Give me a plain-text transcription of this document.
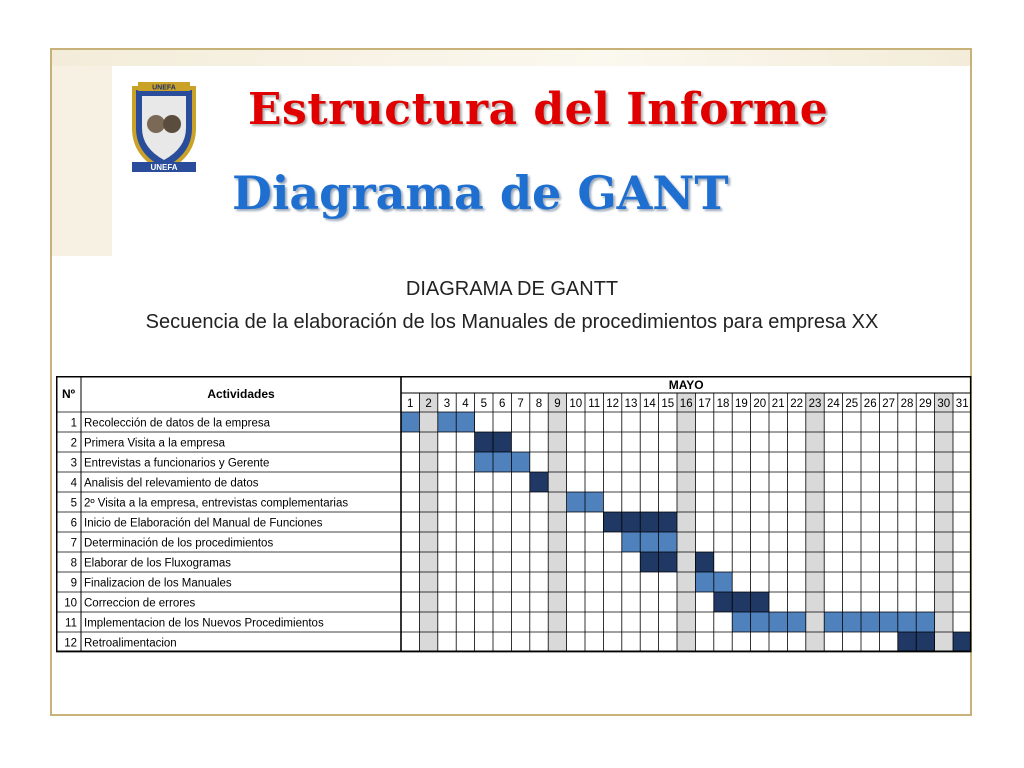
UNEFA
UNEFA
Estructura del Informe
Diagrama de GANT
DIAGRAMA DE GANTT
Secuencia de la elaboración de los Manuales de procedimientos para empresa XX
Nº	Actividades
MAYO
1 2 3 4 5 6 7 8 9 10 11 12 13 14 15 16 17 18 19 20 21 22 23 24 25 26 27 28 29 30 31
1 Recolección de datos de la empresa
2 Primera Visita a la empresa
3 Entrevistas a funcionarios y Gerente
4 Analisis del relevamiento de datos
5 2º Visita a la empresa, entrevistas complementarias
6 Inicio de Elaboración del Manual de Funciones
7 Determinación de los procedimientos
8 Elaborar de los Fluxogramas
9 Finalizacion de los Manuales
10 Correccion de errores
11 Implementacion de los Nuevos Procedimientos
12 Retroalimentacion
